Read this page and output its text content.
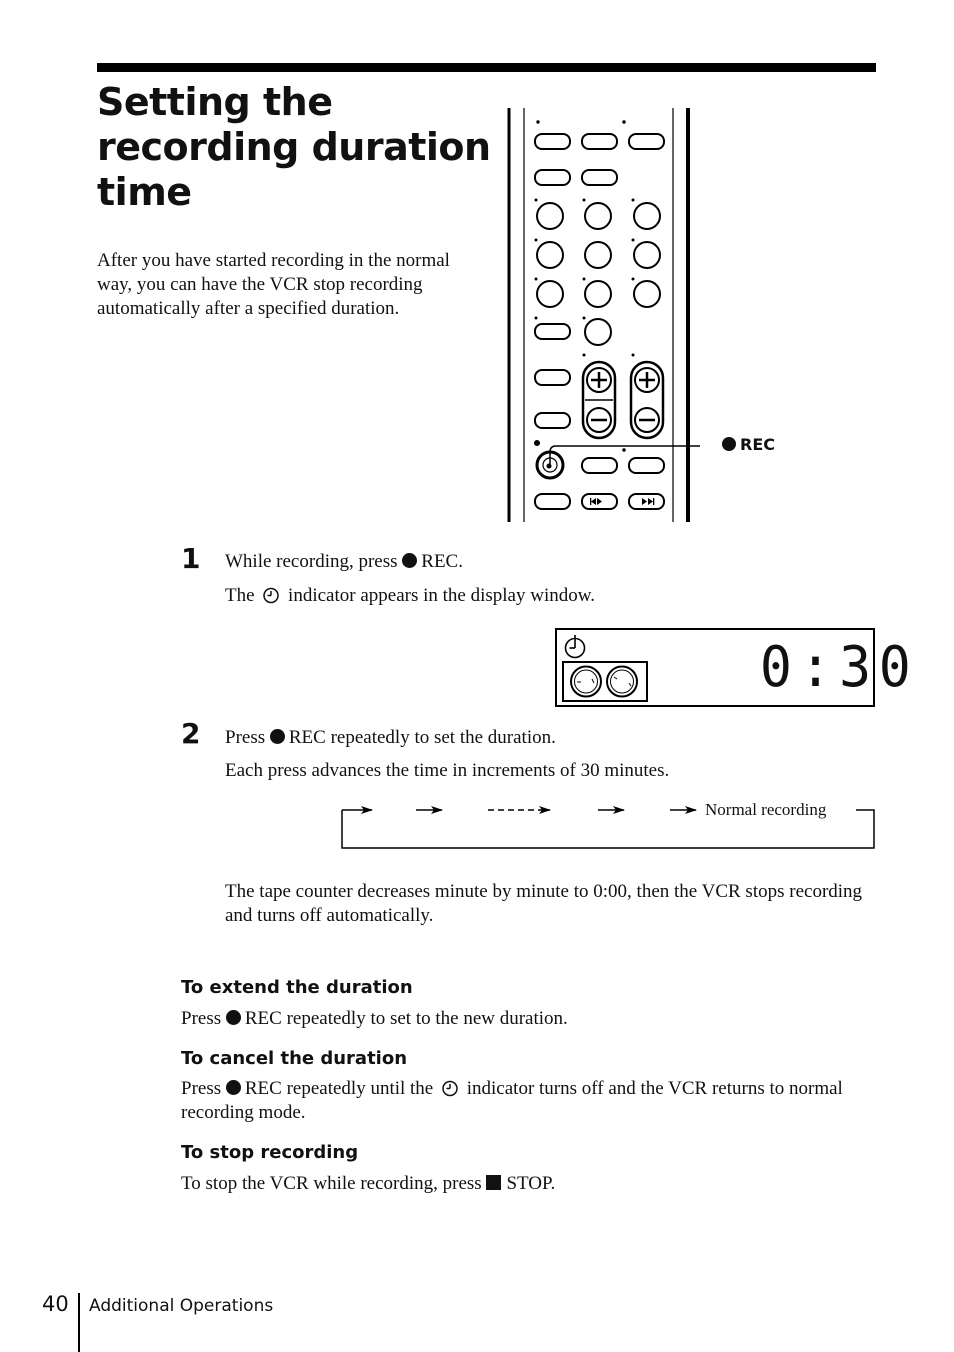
Setting the recording duration time

After you have started recording in the normal way, you can have the VCR stop recording automatically after a specified duration.

REC
1 While recording, press REC.

The indicator appears in the display window.

0:30
2 Press REC repeatedly to set the duration.

Each press advances the time in increments of 30 minutes.

Normal recording

The tape counter decreases minute by minute to 0:00, then the VCR stops recording and turns off automatically.

To extend the duration

Press REC repeatedly to set to the new duration.

To cancel the duration

Press REC repeatedly until the indicator turns off and the VCR returns to normal recording mode.

To stop recording

To stop the VCR while recording, press STOP.

40 Additional Operations
